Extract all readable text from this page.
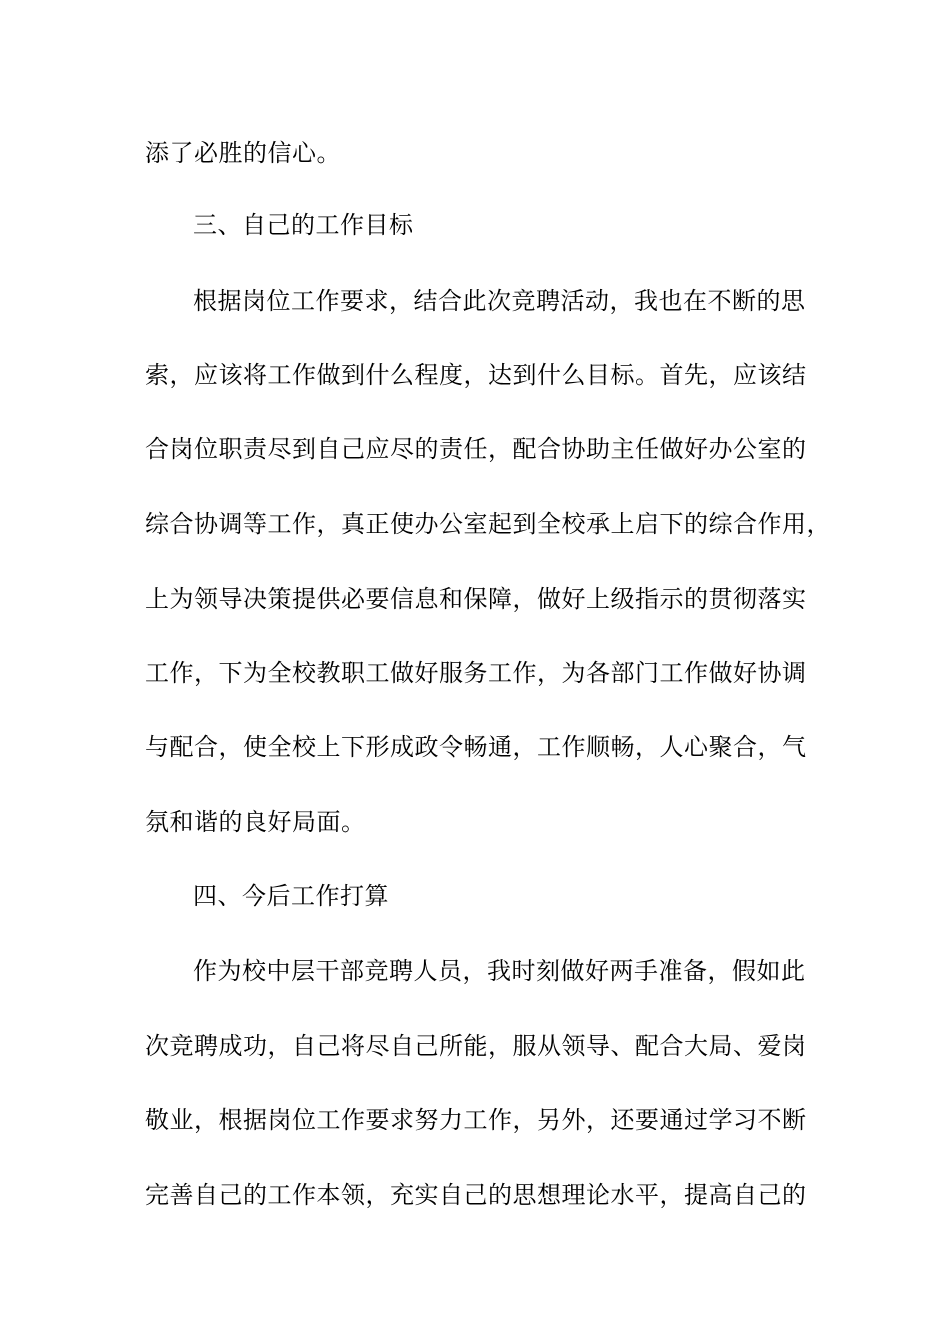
添了必胜的信心。
三、自己的工作目标
根据岗位工作要求，结合此次竞聘活动，我也在不断的思
索，应该将工作做到什么程度，达到什么目标。首先，应该结
合岗位职责尽到自己应尽的责任，配合协助主任做好办公室的
综合协调等工作，真正使办公室起到全校承上启下的综合作用，
上为领导决策提供必要信息和保障，做好上级指示的贯彻落实
工作，下为全校教职工做好服务工作，为各部门工作做好协调
与配合，使全校上下形成政令畅通，工作顺畅，人心聚合，气
氛和谐的良好局面。
四、今后工作打算
作为校中层干部竞聘人员，我时刻做好两手准备，假如此
次竞聘成功，自己将尽自己所能，服从领导、配合大局、爱岗
敬业，根据岗位工作要求努力工作，另外，还要通过学习不断
完善自己的工作本领，充实自己的思想理论水平，提高自己的
